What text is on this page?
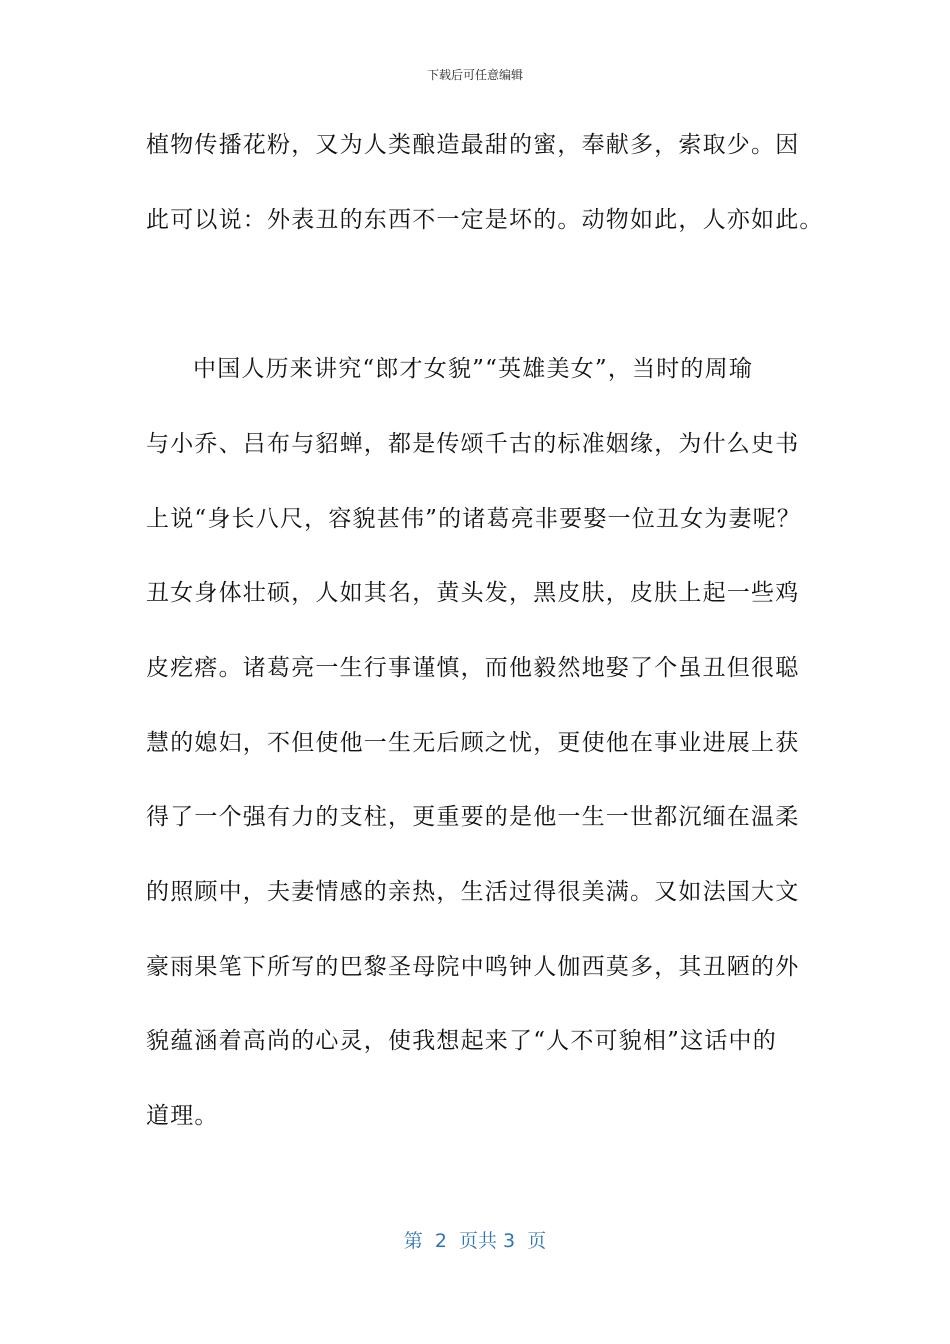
下载后可任意编辑
植物传播花粉，又为人类酿造最甜的蜜，奉献多，索取少。因
此可以说：外表丑的东西不一定是坏的。动物如此，人亦如此。
中国人历来讲究“郎才女貌”“英雄美女”，当时的周瑜
与小乔、吕布与貂蝉，都是传颂千古的标准姻缘，为什么史书
上说“身长八尺，容貌甚伟”的诸葛亮非要娶一位丑女为妻呢？
丑女身体壮硕，人如其名，黄头发，黑皮肤，皮肤上起一些鸡
皮疙瘩。诸葛亮一生行事谨慎，而他毅然地娶了个虽丑但很聪
慧的媳妇，不但使他一生无后顾之忧，更使他在事业进展上获
得了一个强有力的支柱，更重要的是他一生一世都沉缅在温柔
的照顾中，夫妻情感的亲热，生活过得很美满。又如法国大文
豪雨果笔下所写的巴黎圣母院中鸣钟人伽西莫多，其丑陋的外
貌蕴涵着高尚的心灵，使我想起来了“人不可貌相”这话中的
道理。
第  2  页共 3  页
